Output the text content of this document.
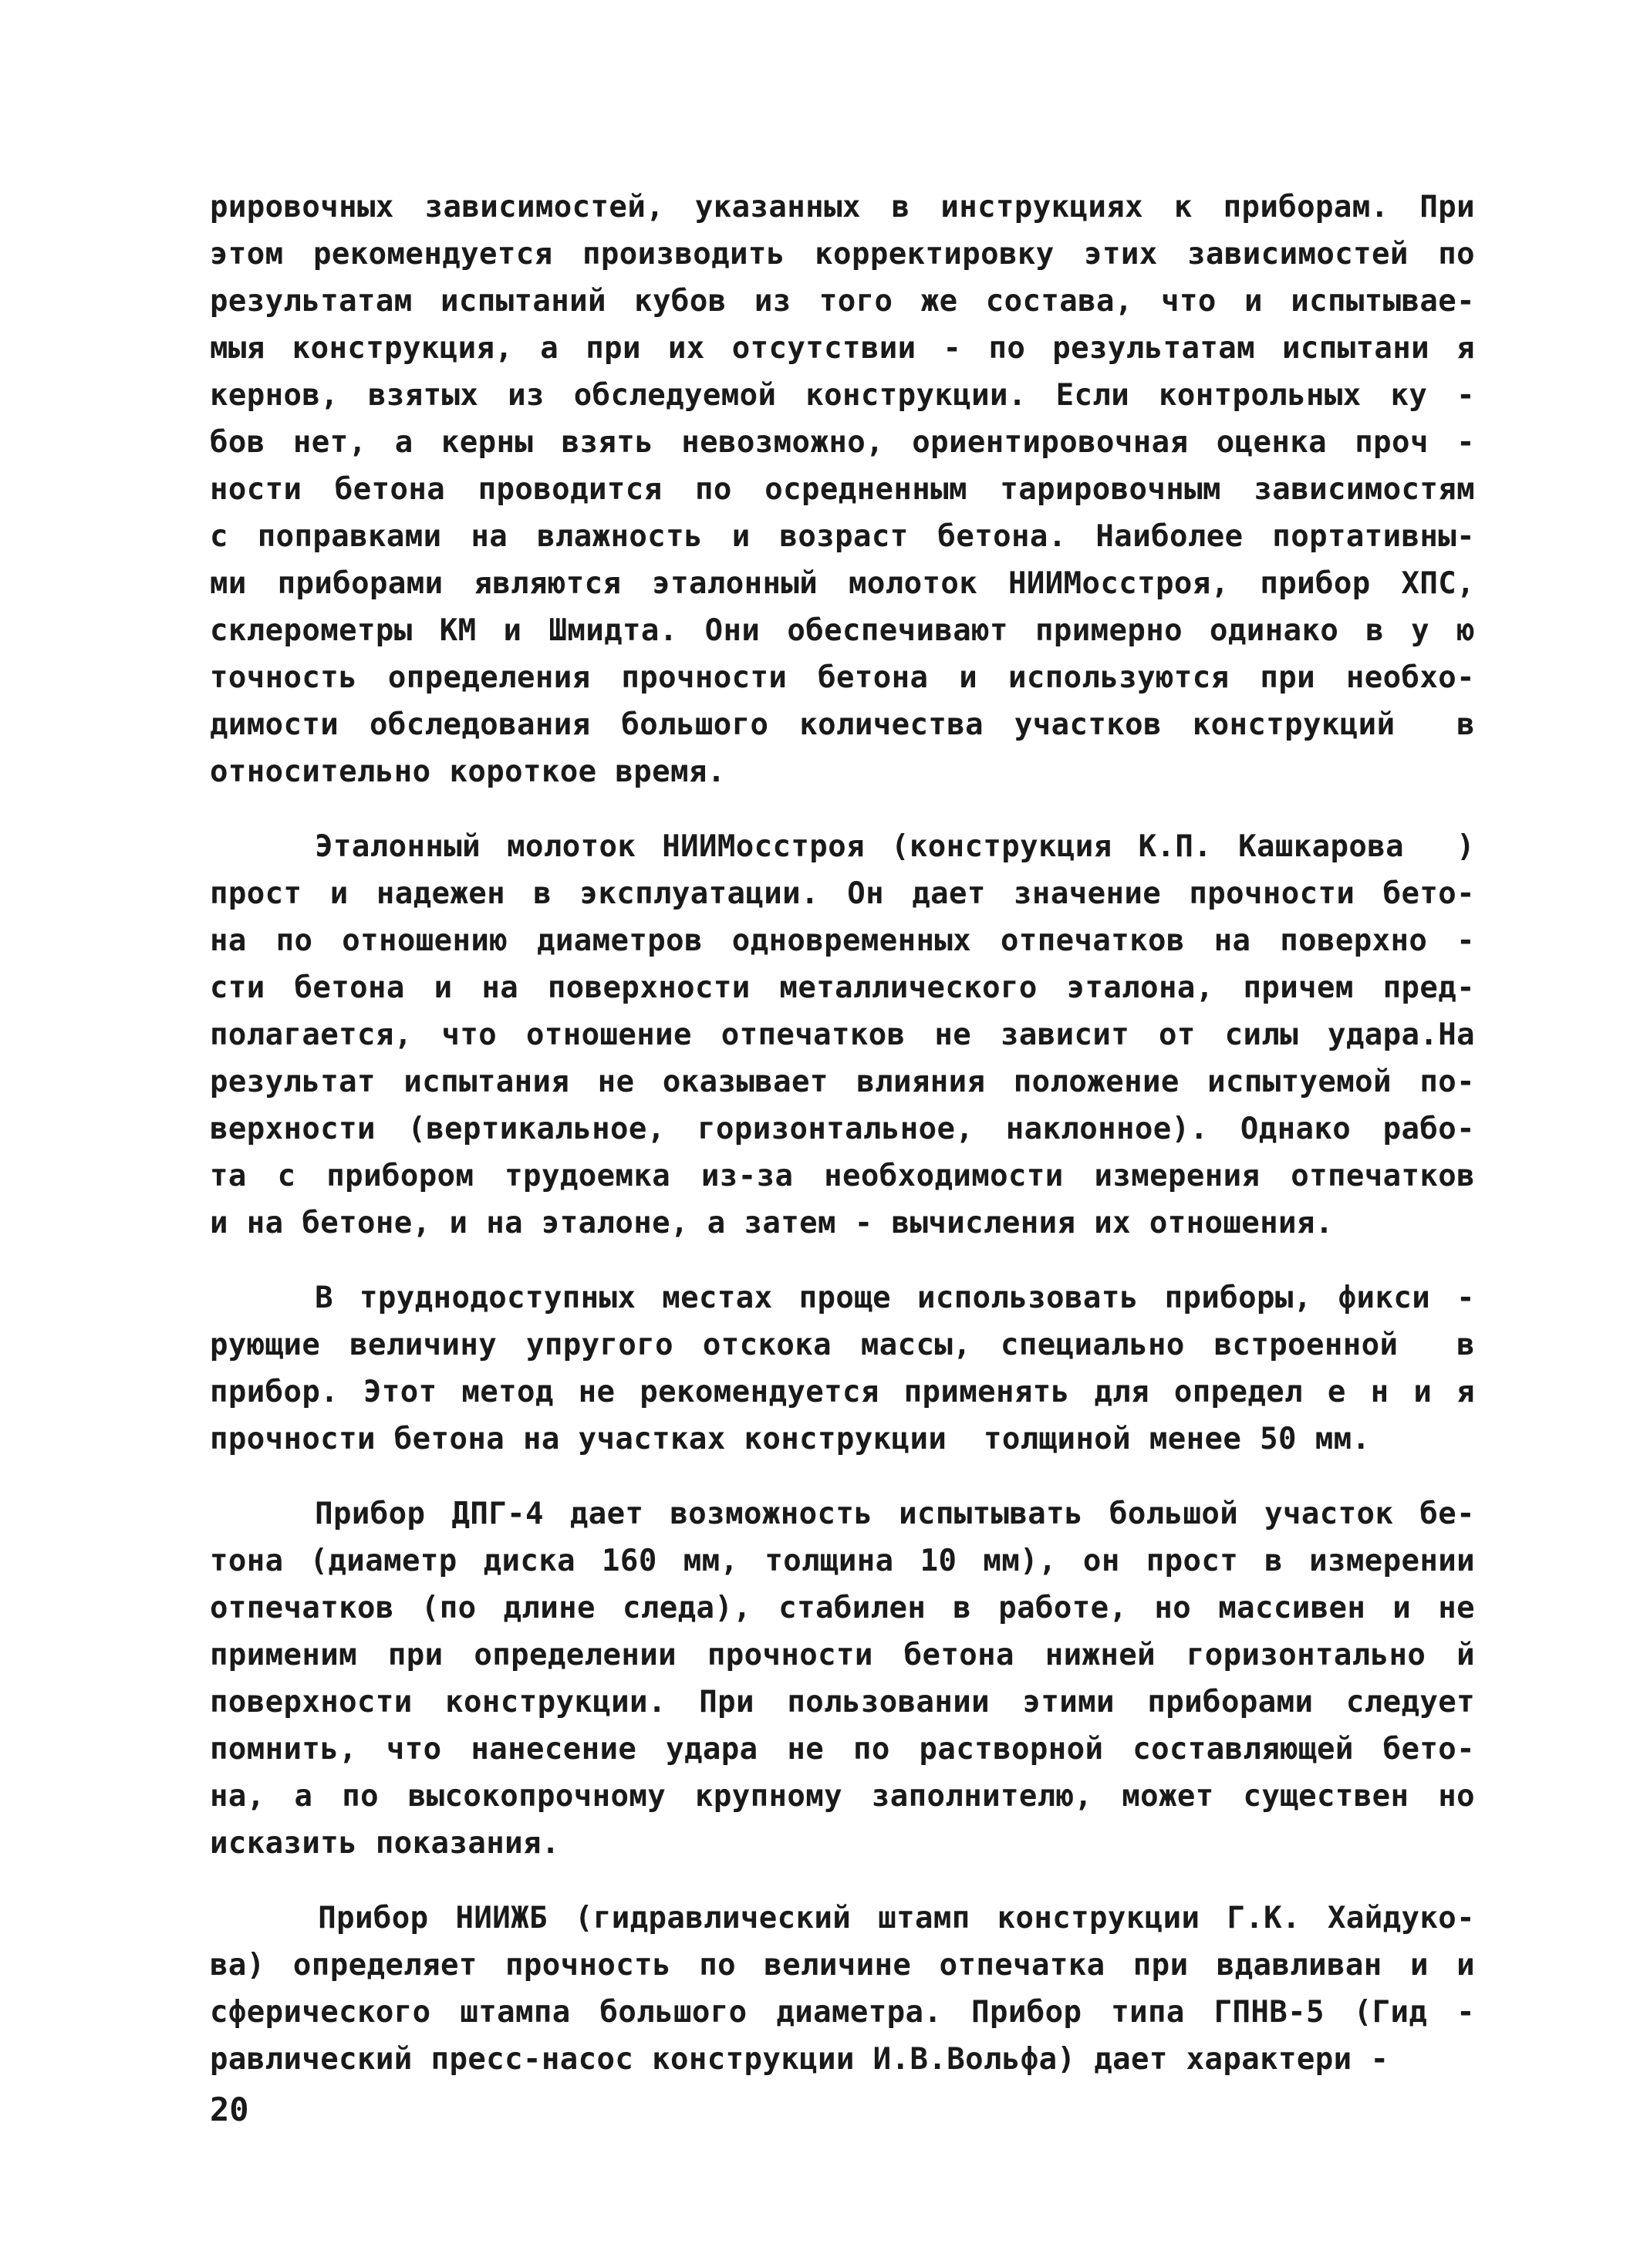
рировочных зависимостей, указанных в инструкциях к приборам. При
этом рекомендуется производить корректировку этих зависимостей по
результатам испытаний кубов из того же состава, что и испытывае-
мыя конструкция, а при их отсутствии - по результатам испытани я
кернов, взятых из обследуемой конструкции. Если контрольных ку -
бов нет, а керны взять невозможно, ориентировочная оценка проч -
ности бетона проводится по осредненным тарировочным зависимостям
с поправками на влажность и возраст бетона. Наиболее портативны-
ми приборами являются эталонный молоток НИИМосстроя, прибор ХПС,
склерометры КМ и Шмидта. Они обеспечивают примерно одинако в у ю
точность определения прочности бетона и используются при необхо-
димости обследования большого количества участков конструкций  в
относительно короткое время.
Эталонный молоток НИИМосстроя (конструкция К.П. Кашкарова  )
прост и надежен в эксплуатации. Он дает значение прочности бето-
на по отношению диаметров одновременных отпечатков на поверхно -
сти бетона и на поверхности металлического эталона, причем пред-
полагается, что отношение отпечатков не зависит от силы удара.На
результат испытания не оказывает влияния положение испытуемой по-
верхности (вертикальное, горизонтальное, наклонное). Однако рабо-
та с прибором трудоемка из-за необходимости измерения отпечатков
и на бетоне, и на эталоне, а затем - вычисления их отношения.
В труднодоступных местах проще использовать приборы, фикси -
рующие величину упругого отскока массы, специально встроенной  в
прибор. Этот метод не рекомендуется применять для определ е н и я
прочности бетона на участках конструкции  толщиной менее 50 мм.
Прибор ДПГ-4 дает возможность испытывать большой участок бе-
тона (диаметр диска 160 мм, толщина 10 мм), он прост в измерении
отпечатков (по длине следа), стабилен в работе, но массивен и не
применим при определении прочности бетона нижней горизонтально й
поверхности конструкции. При пользовании этими приборами следует
помнить, что нанесение удара не по растворной составляющей бето-
на, а по высокопрочному крупному заполнителю, может существен но
исказить показания.
Прибор НИИЖБ (гидравлический штамп конструкции Г.К. Хайдуко-
ва) определяет прочность по величине отпечатка при вдавливан и и
сферического штампа большого диаметра. Прибор типа ГПНВ-5 (Гид -
равлический пресс-насос конструкции И.В.Вольфа) дает характери -
20
